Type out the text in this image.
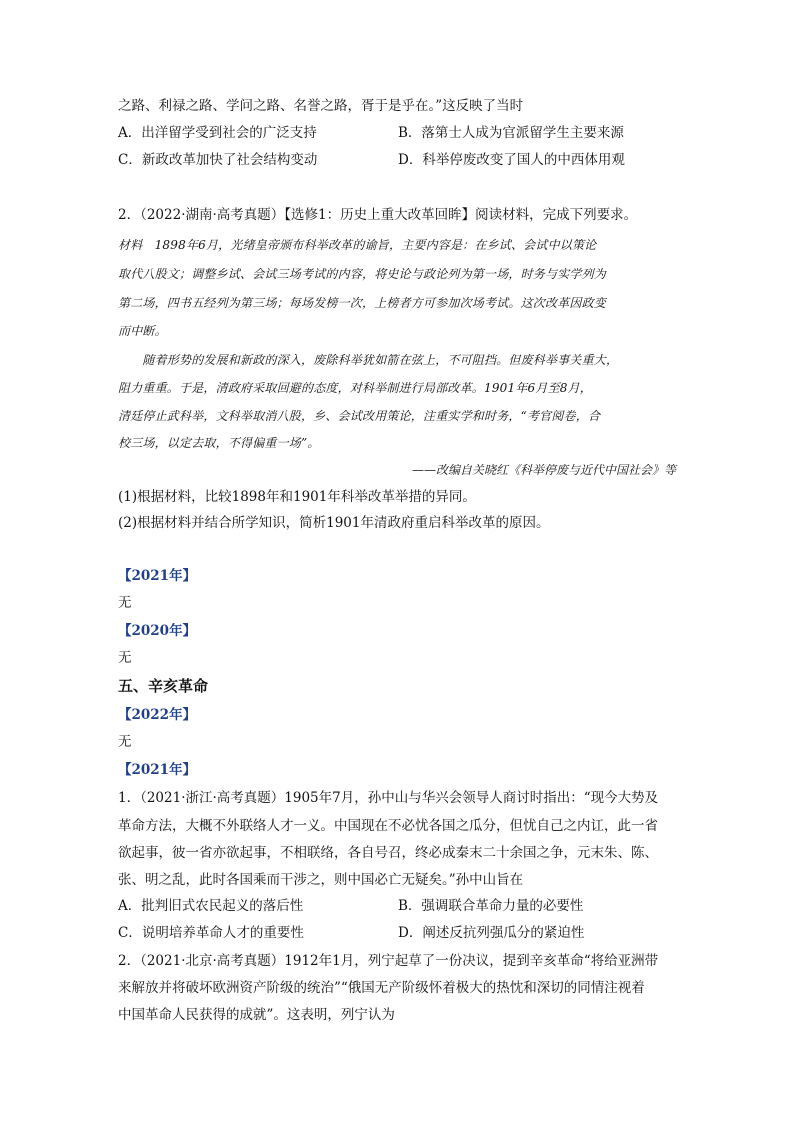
之路、利禄之路、学问之路、名誉之路，胥于是乎在。”这反映了当时
A．出洋留学受到社会的广泛支持	B．落第士人成为官派留学生主要来源
C．新政改革加快了社会结构变动	D．科举停废改变了国人的中西体用观
2．（2022·湖南·高考真题）【选修1：历史上重大改革回眸】阅读材料，完成下列要求。
材料　1898年6月，光绪皇帝颁布科举改革的谕旨，主要内容是：在乡试、会试中以策论
取代八股文；调整乡试、会试三场考试的内容，将史论与政论列为第一场，时务与实学列为
第二场，四书五经列为第三场；每场发榜一次，上榜者方可参加次场考试。这次改革因政变
而中断。
　　随着形势的发展和新政的深入，废除科举犹如箭在弦上，不可阻挡。但废科举事关重大，
阻力重重。于是，清政府采取回避的态度，对科举制进行局部改革。1901年6月至8月，
清廷停止武科举，文科举取消八股，乡、会试改用策论，注重实学和时务，“考官阅卷，合
校三场，以定去取，不得偏重一场”。
——改编自关晓红《科举停废与近代中国社会》等
(1)根据材料，比较1898年和1901年科举改革举措的异同。
(2)根据材料并结合所学知识，简析1901年清政府重启科举改革的原因。
【2021年】
无
【2020年】
无
五、辛亥革命
【2022年】
无
【2021年】
1．（2021·浙江·高考真题）1905年7月，孙中山与华兴会领导人商讨时指出：“现今大势及
革命方法，大概不外联络人才一义。中国现在不必忧各国之瓜分，但忧自己之内讧，此一省
欲起事，彼一省亦欲起事，不相联络，各自号召，终必成秦末二十余国之争，元末朱、陈、
张、明之乱，此时各国乘而干涉之，则中国必亡无疑矣。”孙中山旨在
A．批判旧式农民起义的落后性	B．强调联合革命力量的必要性
C．说明培养革命人才的重要性	D．阐述反抗列强瓜分的紧迫性
2．（2021·北京·高考真题）1912年1月，列宁起草了一份决议，提到辛亥革命“将给亚洲带
来解放并将破坏欧洲资产阶级的统治”“俄国无产阶级怀着极大的热忱和深切的同情注视着
中国革命人民获得的成就”。这表明，列宁认为
